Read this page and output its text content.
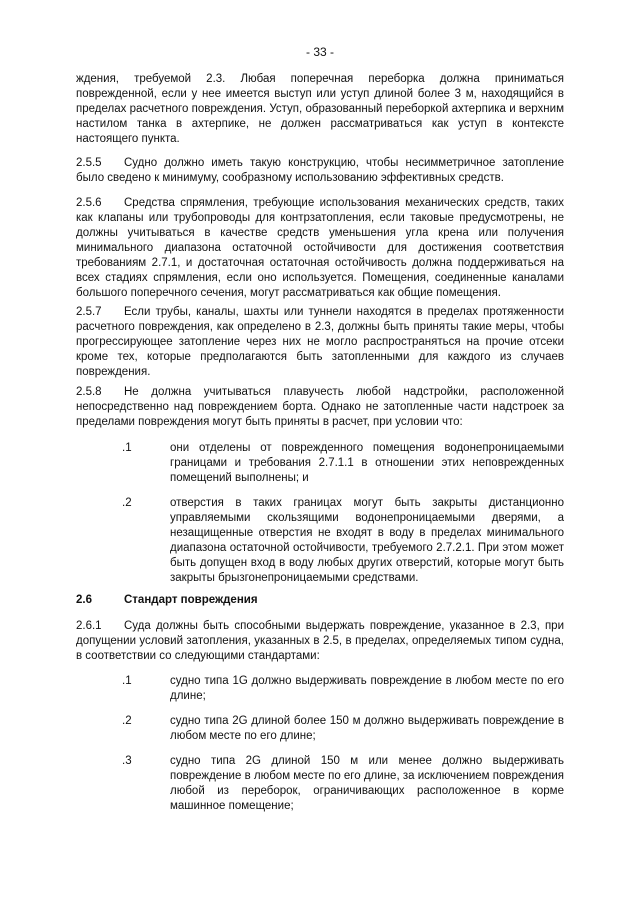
- 33 -

ждения, требуемой 2.3. Любая поперечная переборка должна приниматься поврежденной, если у нее имеется выступ или уступ длиной более 3 м, находящийся в пределах расчетного повреждения. Уступ, образованный переборкой ахтерпика и верхним настилом танка в ахтерпике, не должен рассматриваться как уступ в контексте настоящего пункта.

2.5.5 Судно должно иметь такую конструкцию, чтобы несимметричное затопление было сведено к минимуму, сообразному использованию эффективных средств.

2.5.6 Средства спрямления, требующие использования механических средств, таких как клапаны или трубопроводы для контрзатопления, если таковые предусмотрены, не должны учитываться в качестве средств уменьшения угла крена или получения минимального диапазона остаточной остойчивости для достижения соответствия требованиям 2.7.1, и достаточная остаточная остойчивость должна поддерживаться на всех стадиях спрямления, если оно используется. Помещения, соединенные каналами большого поперечного сечения, могут рассматриваться как общие помещения.

2.5.7 Если трубы, каналы, шахты или туннели находятся в пределах протяженности расчетного повреждения, как определено в 2.3, должны быть приняты такие меры, чтобы прогрессирующее затопление через них не могло распространяться на прочие отсеки кроме тех, которые предполагаются быть затопленными для каждого из случаев повреждения.

2.5.8 Не должна учитываться плавучесть любой надстройки, расположенной непосредственно над повреждением борта. Однако не затопленные части надстроек за пределами повреждения могут быть приняты в расчет, при условии что:

.1	они отделены от поврежденного помещения водонепроницаемыми границами и требования 2.7.1.1 в отношении этих неповрежденных помещений выполнены; и

.2	отверстия в таких границах могут быть закрыты дистанционно управляемыми скользящими водонепроницаемыми дверями, а незащищенные отверстия не входят в воду в пределах минимального диапазона остаточной остойчивости, требуемого 2.7.2.1. При этом может быть допущен вход в воду любых других отверстий, которые могут быть закрыты брызгонепроницаемыми средствами.

2.6	Стандарт повреждения

2.6.1 Суда должны быть способными выдержать повреждение, указанное в 2.3, при допущении условий затопления, указанных в 2.5, в пределах, определяемых типом судна, в соответствии со следующими стандартами:

.1	судно типа 1G должно выдерживать повреждение в любом месте по его длине;

.2	судно типа 2G длиной более 150 м должно выдерживать повреждение в любом месте по его длине;

.3	судно типа 2G длиной 150 м или менее должно выдерживать повреждение в любом месте по его длине, за исключением повреждения любой из переборок, ограничивающих расположенное в корме машинное помещение;
